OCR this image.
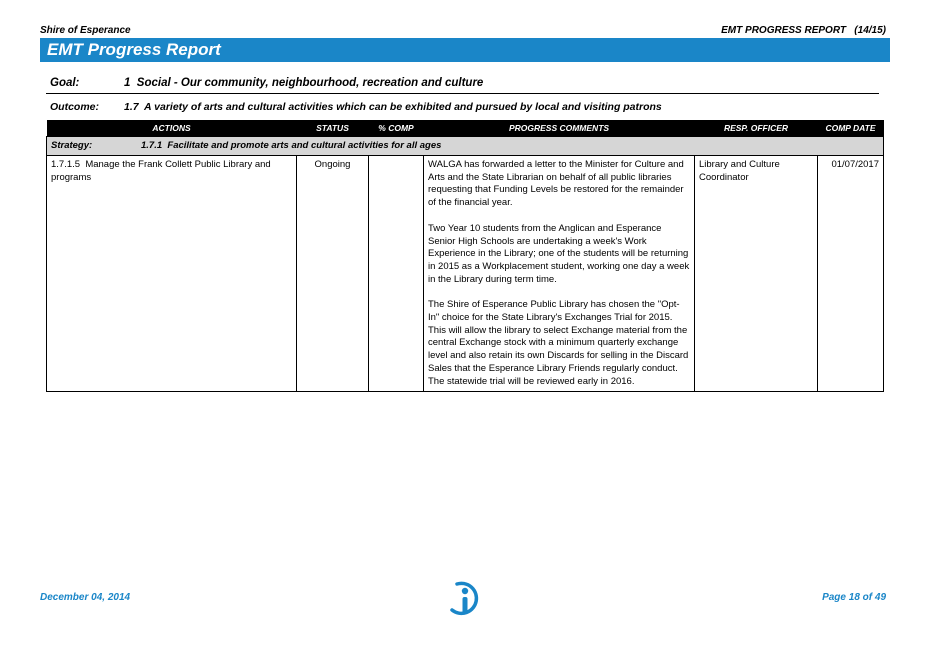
Shire of Esperance	EMT PROGRESS REPORT   (14/15)
EMT Progress Report
Goal:	1  Social - Our community, neighbourhood, recreation and culture
Outcome: 1.7  A variety of arts and cultural activities which can be exhibited and pursued by local and visiting patrons
ACTIONS	STATUS	% COMP	PROGRESS COMMENTS	RESP. OFFICER	COMP DATE
Strategy: 1.7.1  Facilitate and promote arts and cultural activities for all ages					
1.7.1.5  Manage the Frank Collett Public Library and programs	Ongoing		WALGA has forwarded a letter to the Minister for Culture and Arts and the State Librarian on behalf of all public libraries requesting that Funding Levels be restored for the remainder of the financial year.

Two Year 10 students from the Anglican and Esperance Senior High Schools are undertaking a week's Work Experience in the Library; one of the students will be returning in 2015 as a Workplacement student, working one day a week in the Library during term time.

The Shire of Esperance Public Library has chosen the "Opt-In" choice for the State Library's Exchanges Trial for 2015. This will allow the library to select Exchange material from the central Exchange stock with a minimum quarterly exchange level and also retain its own Discards for selling in the Discard Sales that the Esperance Library Friends regularly conduct. The statewide trial will be reviewed early in 2016.	Library and Culture Coordinator	01/07/2017
December 04, 2014	Page 18 of 49
